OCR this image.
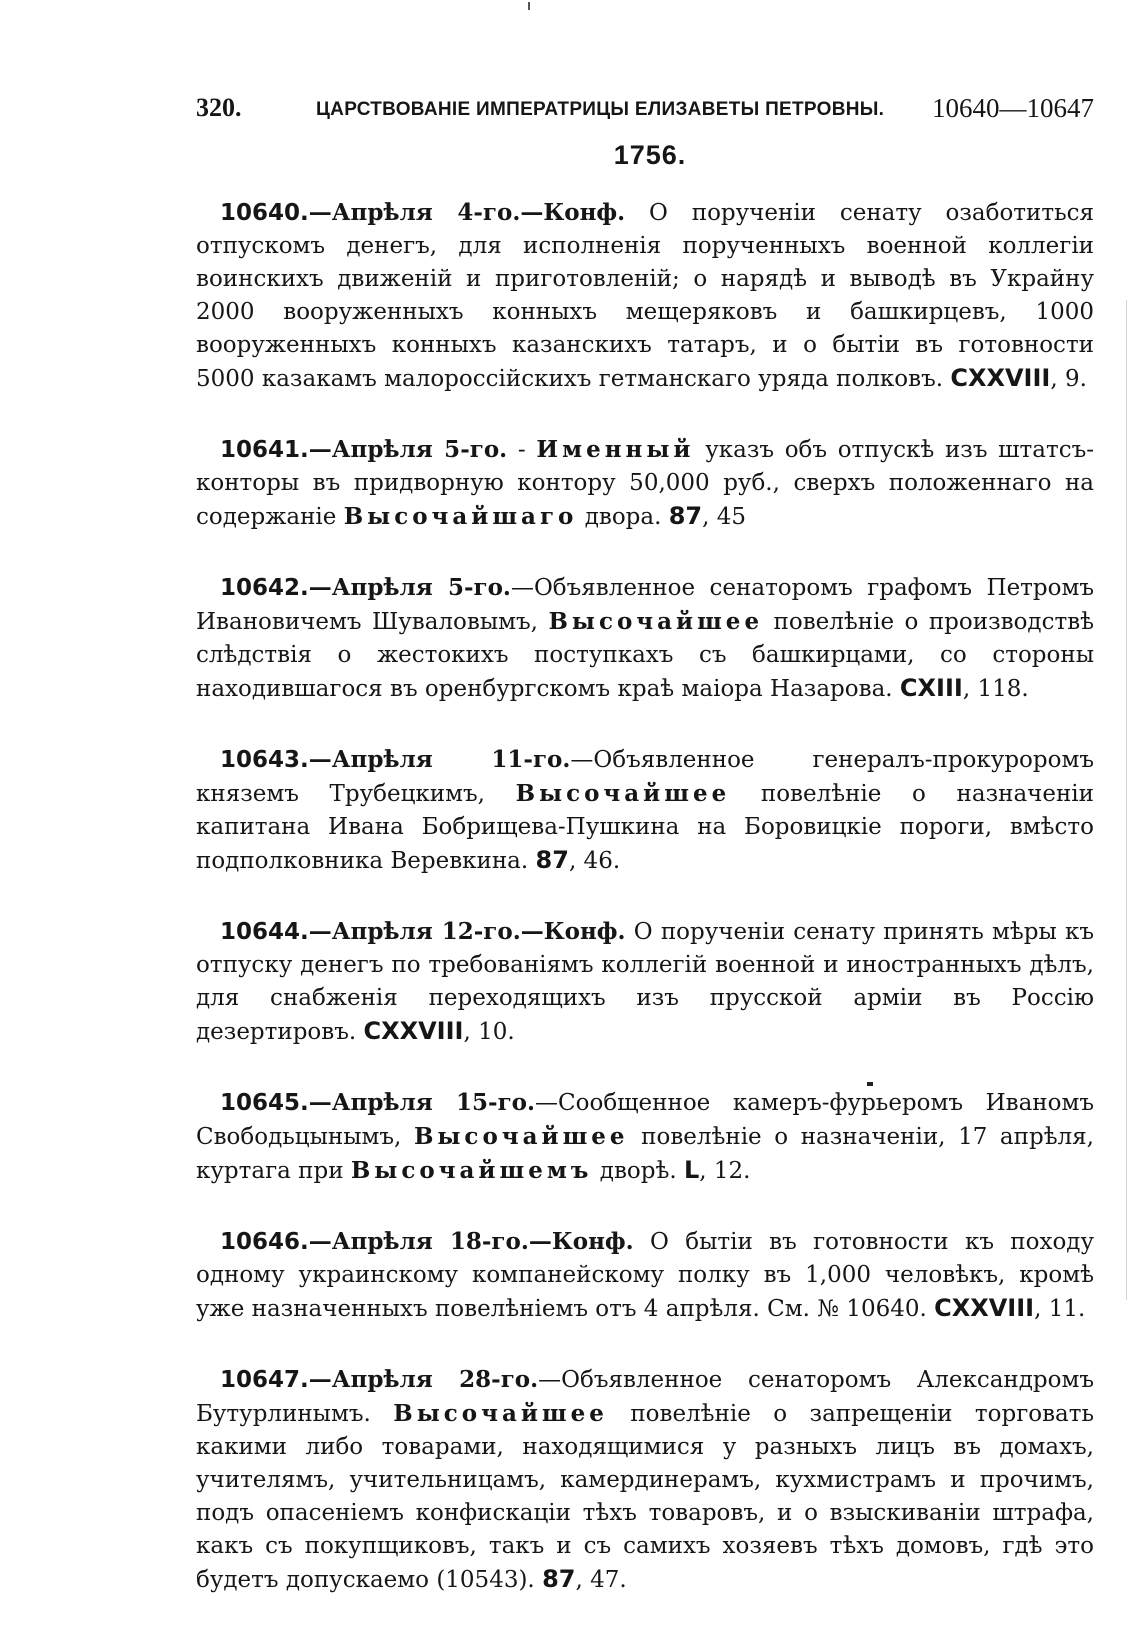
320.	ЦАРСТВОВАНІЕ ИМПЕРАТРИЦЫ ЕЛИЗАВЕТЫ ПЕТРОВНЫ. 10640—10647
1756.

10640.—Апрѣля 4-го.—Конф. О порученіи сенату озаботиться отпускомъ денегъ, для исполненія порученныхъ военной коллегіи воинскихъ движеній и приготовленій; о нарядѣ и выводѣ въ Украйну 2000 вооруженныхъ конныхъ мещеряковъ и башкирцевъ, 1000 вооруженныхъ конныхъ казанскихъ татаръ, и о бытіи въ готовности 5000 казакамъ малороссійскихъ гетманскаго уряда полковъ. CXXVIII, 9.

10641.—Апрѣля 5-го. - Именный указъ объ отпускѣ изъ штатсъ-конторы въ придворную контору 50,000 руб., сверхъ положеннаго на содержаніе Высочайшаго двора. 87, 45

10642.—Апрѣля 5-го.—Объявленное сенаторомъ графомъ Петромъ Ивановичемъ Шуваловымъ, Высочайшее повелѣніе о производствѣ слѣдствія о жестокихъ поступкахъ съ башкирцами, со стороны находившагося въ оренбургскомъ краѣ маіора Назарова. CXIII, 118.

10643.—Апрѣля 11-го.—Объявленное генералъ-прокуроромъ княземъ Трубецкимъ, Высочайшее повелѣніе о назначеніи капитана Ивана Бобрищева-Пушкина на Боровицкіе пороги, вмѣсто подполковника Веревкина. 87, 46.

10644.—Апрѣля 12-го.—Конф. О порученіи сенату принять мѣры къ отпуску денегъ по требованіямъ коллегій военной и иностранныхъ дѣлъ, для снабженія переходящихъ изъ прусской арміи въ Россію дезертировъ. CXXVIII, 10.

10645.—Апрѣля 15-го.—Сообщенное камеръ-фурьеромъ Иваномъ Свободьцынымъ, Высочайшее повелѣніе о назначеніи, 17 апрѣля, куртага при Высочайшемъ дворѣ. L, 12.

10646.—Апрѣля 18-го.—Конф. О бытіи въ готовности къ походу одному украинскому компанейскому полку въ 1,000 человѣкъ, кромѣ уже назначенныхъ повелѣніемъ отъ 4 апрѣля. См. № 10640. CXXVIII, 11.

10647.—Апрѣля 28-го.—Объявленное сенаторомъ Александромъ Бутурлинымъ. Высочайшее повелѣніе о запрещеніи торговать какими либо товарами, находящимися у разныхъ лицъ въ домахъ, учителямъ, учительницамъ, камердинерамъ, кухмистрамъ и прочимъ, подъ опасеніемъ конфискаціи тѣхъ товаровъ, и о взыскиваніи штрафа, какъ съ покупщиковъ, такъ и съ самихъ хозяевъ тѣхъ домовъ, гдѣ это будетъ допускаемо (10543). 87, 47.
